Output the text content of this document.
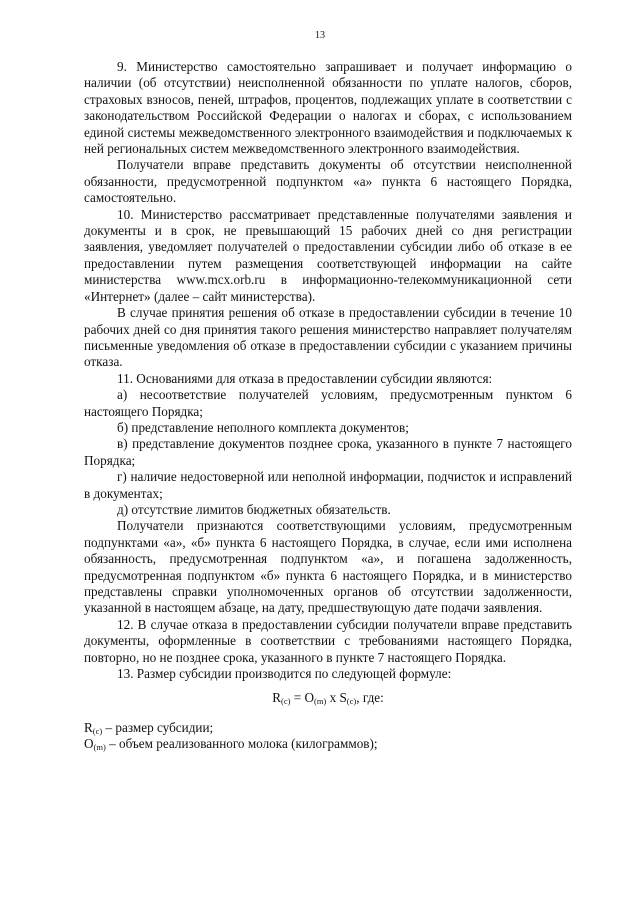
13

9. Министерство самостоятельно запрашивает и получает информацию о наличии (об отсутствии) неисполненной обязанности по уплате налогов, сборов, страховых взносов, пеней, штрафов, процентов, подлежащих уплате в соответствии с законодательством Российской Федерации о налогах и сборах, с использованием единой системы межведомственного электронного взаимодействия и подключаемых к ней региональных систем межведомственного электронного взаимодействия.

Получатели вправе представить документы об отсутствии неисполненной обязанности, предусмотренной подпунктом «а» пункта 6 настоящего Порядка, самостоятельно.

10. Министерство рассматривает представленные получателями заявления и документы и в срок, не превышающий 15 рабочих дней со дня регистрации заявления, уведомляет получателей о предоставлении субсидии либо об отказе в ее предоставлении путем размещения соответствующей информации на сайте министерства www.mcx.orb.ru в информационно-телекоммуникационной сети «Интернет» (далее – сайт министерства).

В случае принятия решения об отказе в предоставлении субсидии в течение 10 рабочих дней со дня принятия такого решения министерство направляет получателям письменные уведомления об отказе в предоставлении субсидии с указанием причины отказа.

11. Основаниями для отказа в предоставлении субсидии являются:

а) несоответствие получателей условиям, предусмотренным пунктом 6 настоящего Порядка;

б) представление неполного комплекта документов;

в) представление документов позднее срока, указанного в пункте 7 настоящего Порядка;

г) наличие недостоверной или неполной информации, подчисток и исправлений в документах;

д) отсутствие лимитов бюджетных обязательств.

Получатели признаются соответствующими условиям, предусмотренным подпунктами «а», «б» пункта 6 настоящего Порядка, в случае, если ими исполнена обязанность, предусмотренная подпунктом «а», и погашена задолженность, предусмотренная подпунктом «б» пункта 6 настоящего Порядка, и в министерство представлены справки уполномоченных органов об отсутствии задолженности, указанной в настоящем абзаце, на дату, предшествующую дате подачи заявления.

12. В случае отказа в предоставлении субсидии получатели вправе представить документы, оформленные в соответствии с требованиями настоящего Порядка, повторно, но не позднее срока, указанного в пункте 7 настоящего Порядка.

13. Размер субсидии производится по следующей формуле:

$R_{(c)} = O_{(m)}$ x $S_{(c)}$, где:

$R_{(c)}$ – размер субсидии;

$O_{(m)}$ – объем реализованного молока (килограммов);
